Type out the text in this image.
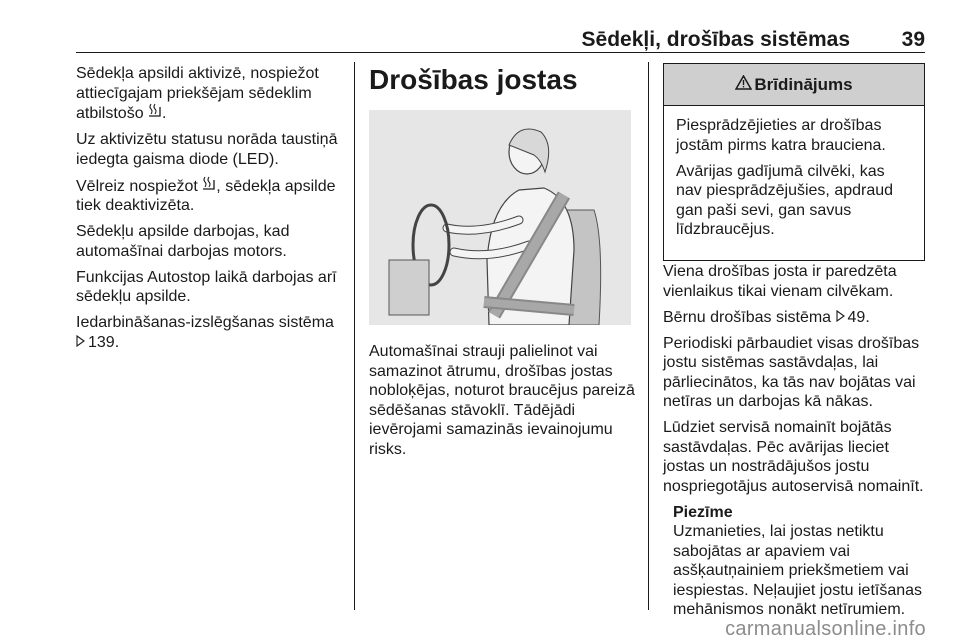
Sēdekļi, drošības sistēmas 39

Sēdekļa apsildi aktivizē, nospiežot attiecīgajam priekšējam sēdeklim atbilstošo .

Uz aktivizētu statusu norāda taustiņā iedegta gaisma diode (LED).

Vēlreiz nospiežot , sēdekļa apsilde tiek deaktivizēta.

Sēdekļu apsilde darbojas, kad automašīnai darbojas motors.

Funkcijas Autostop laikā darbojas arī sēdekļu apsilde.

Iedarbināšanas-izslēgšanas sistēma
139.

Drošības jostas
Automašīnai strauji palielinot vai samazinot ātrumu, drošības jostas nobloķējas, noturot braucējus pareizā sēdēšanas stāvoklī. Tādējādi ievērojami samazinās ievainojumu risks.
Brīdinājums

Piesprādzējieties ar drošības jostām pirms katra brauciena.

Avārijas gadījumā cilvēki, kas nav piesprādzējušies, apdraud gan paši sevi, gan savus līdzbraucējus.

Viena drošības josta ir paredzēta vienlaikus tikai vienam cilvēkam.

Bērnu drošības sistēma 49.

Periodiski pārbaudiet visas drošības jostu sistēmas sastāvdaļas, lai pārliecinātos, ka tās nav bojātas vai netīras un darbojas kā nākas.

Lūdziet servisā nomainīt bojātās sastāvdaļas. Pēc avārijas lieciet jostas un nostrādājušos jostu nospriegotājus autoservisā nomainīt.

Piezīme
Uzmanieties, lai jostas netiktu sabojātas ar apaviem vai asšķautņainiem priekšmetiem vai iespiestas. Neļaujiet jostu ietīšanas mehānismos nonākt netīrumiem.
carmanualsonline.info
